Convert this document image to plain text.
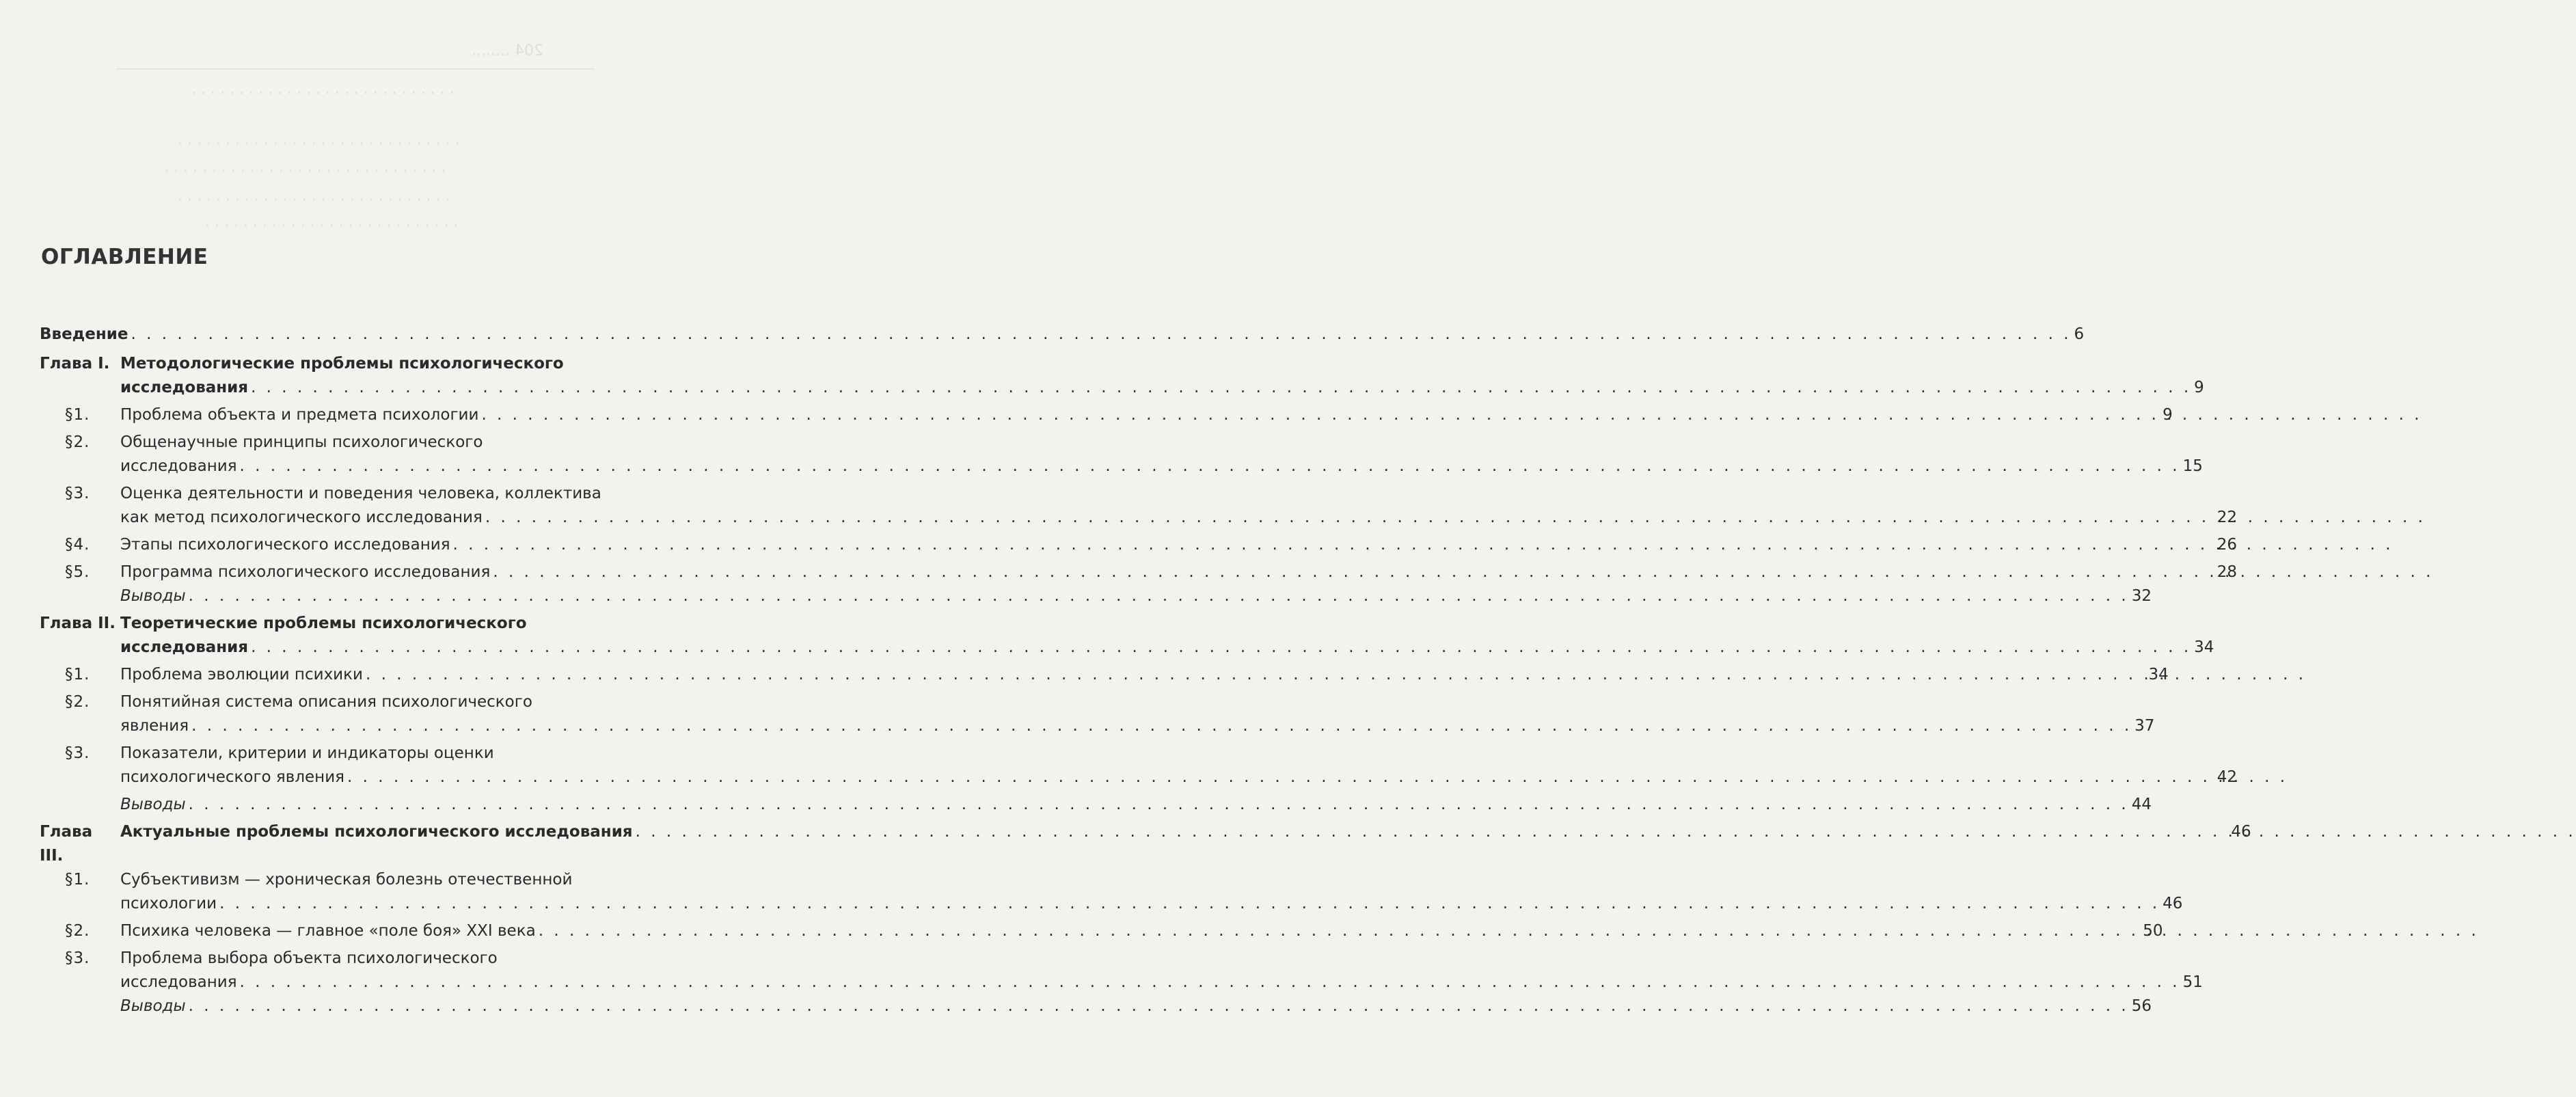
204 ........
. . . . . . . . . . . . . . . . . . . . . . . . . . . .
. . . . . . . . . . . . . . . . . . . . . . . . . . . . . .
. . . . . . . . . . . . . . . . . . . . . . . . . . . . . .
. . . . . . . . . . . . . . . . . . . . . . . . . . . . .
. . . . . . . . . . . . . . . . . . . . . . . . . . .
ОГЛАВЛЕНИЕ
Введение . . .	6
Глава I. Методологические проблемы психологического
исследования . . .	9
§1.	Проблема объекта и предмета психологии . . .	9
§2.	Общенаучные принципы психологического
исследования . . .	15
§3.	Оценка деятельности и поведения человека, коллектива
как метод психологического исследования . . .	22
§4.	Этапы психологического исследования . . .	26
§5.	Программа психологического исследования . . .	28
Выводы . . .	32
Глава II. Теоретические проблемы психологического
исследования . . .	34
§1.	Проблема эволюции психики . . .	34
§2.	Понятийная система описания психологического
явления . . .	37
§3.	Показатели, критерии и индикаторы оценки
психологического явления . . .	42
Выводы . . .	44
Глава III.
Актуальные проблемы психологического исследования . . .	46
§1.	Субъективизм — хроническая болезнь отечественной
психологии . . .	46
§2.	Психика человека — главное «поле боя» XXI века . . .	50
§3.	Проблема выбора объекта психологического
исследования . . .	51
Выводы . . .	56
